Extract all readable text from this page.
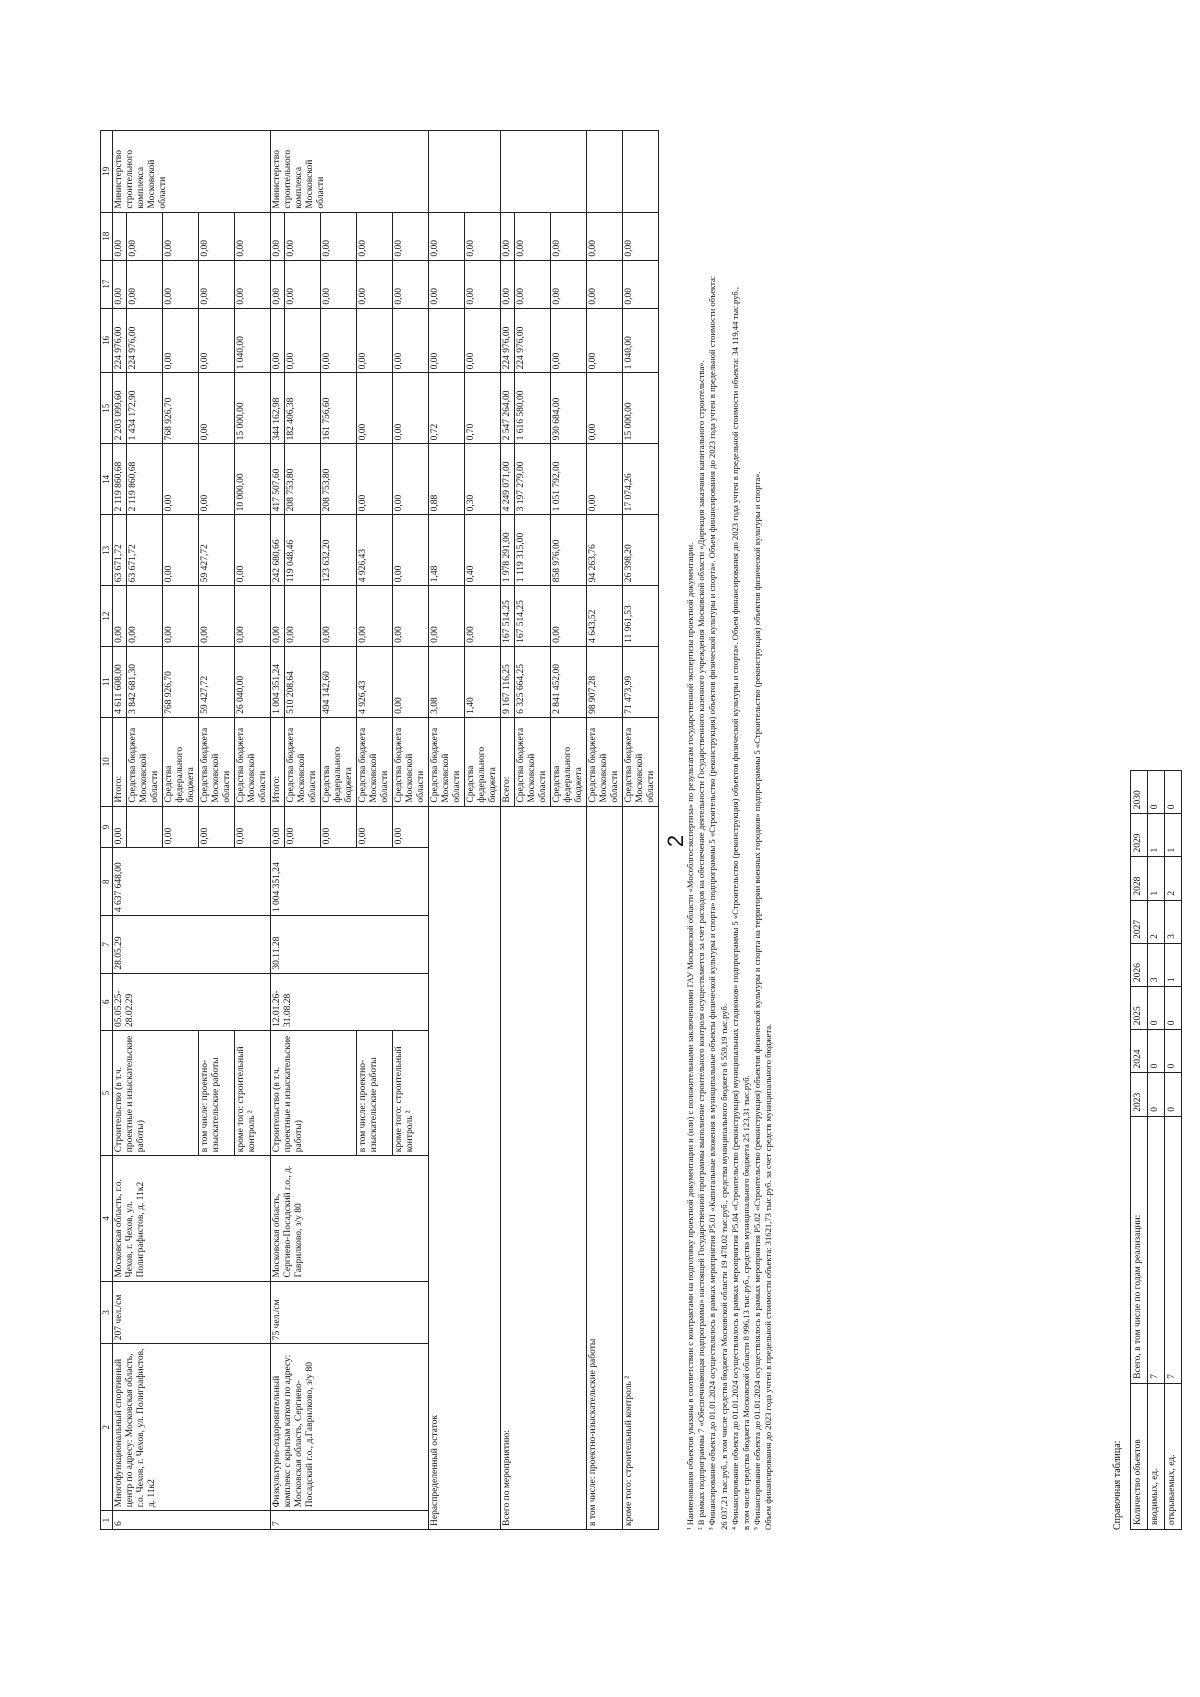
2
1	2	3	4	5	6	7	8	9	10	11	12	13	14	15	16	17	18	19
6	Многофункциональный спортивный центр по адресу: Московская область, г.о. Чехов, г. Чехов, ул. Полиграфистов, д. 11к2	207 чел./см	Московская область, г.о. Чехов, г. Чехов, ул. Полиграфистов, д. 11к2	Строительство (в т.ч. проектные и изыскательские работы)	05.05.25-28.02.29	28.05.29	4 637 648,00	0,00	Итого:	4 611 608,00	0,00	63 671,72	2 119 860,68	2 203 099,60	224 976,00	0,00	0,00	Министерство строительного комплекса Московской области
									Средства бюджета Московской области	3 842 681,30	0,00	63 671,72	2 119 860,68	1 434 172,90	224 976,00	0,00	0,00	
								0,00	Средства федерального бюджета	768 926,70	0,00	0,00	0,00	768 926,70	0,00	0,00	0,00	
				в том числе: проектно-изыскательские работы				0,00	Средства бюджета Московской области	59 427,72	0,00	59 427,72	0,00	0,00	0,00	0,00	0,00	
				кроме того: строительный контроль ²				0,00	Средства бюджета Московской области	26 040,00	0,00	0,00	10 000,00	15 000,00	1 040,00	0,00	0,00	
7	Физкультурно-оздоровительный комплекс с крытым катком по адресу: Московская область, Сергиево-Посадский г.о., д.Гаврилково, з/у 80	75 чел./см	Московская область, Сергиево-Посадский г.о., д. Гаврилково, з/у 80	Строительство (в т.ч. проектные и изыскательские работы)	12.01.26-31.08.28	30.11.28	1 004 351,24	0,00	Итого:	1 004 351,24	0,00	242 680,66	417 507,60	344 162,98	0,00	0,00	0,00	Министерство строительного комплекса Московской области
								0,00	Средства бюджета Московской области	510 208,64	0,00	119 048,46	208 753,80	182 406,38	0,00	0,00	0,00	
								0,00	Средства федерального бюджета	494 142,60	0,00	123 632,20	208 753,80	161 756,60	0,00	0,00	0,00	
				в том числе: проектно-изыскательские работы				0,00	Средства бюджета Московской области	4 926,43	0,00	4 926,43	0,00	0,00	0,00	0,00	0,00	
				кроме того: строительный контроль ²				0,00	Средства бюджета Московской области	0,00	0,00	0,00	0,00	0,00	0,00	0,00	0,00	
Нераспределенный остаток									Средства бюджета Московской области	3,08	0,00	1,48	0,88	0,72	0,00	0,00	0,00	
									Средства федерального бюджета	1,40	0,00	0,40	0,30	0,70	0,00	0,00	0,00	
Всего по мероприятию:									Всего:	9 167 116,25	167 514,25	1 978 291,00	4 249 071,00	2 547 264,00	224 976,00	0,00	0,00	
									Средства бюджета Московской области	6 325 664,25	167 514,25	1 119 315,00	3 197 279,00	1 616 580,00	224 976,00	0,00	0,00	
									Средства федерального бюджета	2 841 452,00	0,00	858 976,00	1 051 792,00	930 684,00	0,00	0,00	0,00	
в том числе: проектно-изыскательские работы									Средства бюджета Московской области	98 907,28	4 643,52	94 263,76	0,00	0,00	0,00	0,00	0,00	
кроме того: строительный контроль ²									Средства бюджета Московской области	71 473,99	11 961,53	26 398,20	17 074,26	15 000,00	1 040,00	0,00	0,00	
¹ Наименования объектов указаны в соответствии с контрактами на подготовку проектной документации и (или) с положительными заключениями ГАУ Московской области «Мособлгосэкспертиза» по результатам государственной экспертизы проектной документации. ² В рамках подпрограммы 7 «Обеспечивающая подпрограмма» настоящей Государственной программы выполнение строительного контроля осуществляется за счет расходов на обеспечение деятельности Государственного казенного учреждения Московской области «Дирекция заказчика капитального строительства». ³ Финансирование объекта до 01.01.2024 осуществлялось в рамках мероприятия Р5.01 «Капитальные вложения в муниципальные объекты физической культуры и спорта» подпрограммы 5 «Строительство (реконструкция) объектов физической культуры и спорта». Объем финансирования до 2023 года учтен в предельной стоимости объекта: 26 037,21 тыс.руб., в том числе средства бюджета Московской области 19 478,02 тыс.руб., средства муниципального бюджета 6 559,19 тыс.руб. ⁴ Финансирование объекта до 01.01.2024 осуществлялось в рамках мероприятия Р5.04 «Строительство (реконструкция) муниципальных стадионов» подпрограммы 5 «Строительство (реконструкция) объектов физической культуры и спорта». Объем финансирования до 2023 года учтен в предельной стоимости объекта: 34 119,44 тыс.руб., в том числе средства бюджета Московской области 8 996,13 тыс.руб., средства муниципального бюджета 25 123,31 тыс.руб. ⁵ Финансирование объекта до 01.01.2024 осуществлялось в рамках мероприятия Р5.02 «Строительство (реконструкция) объектов физической культуры и спорта на территории военных городков» подпрограммы 5 «Строительство (реконструкция) объектов физической культуры и спорта». Объем финансирования до 2023 года учтен в предельной стоимости объекта: 31621,73 тыс.руб. за счет средств муниципального бюджета.	Справочная таблица: Количество объектов	Всего, в том числе по годам реализации:	2023	2024	2025	2026	2027	2028	2029	2030
вводимых, ед.	7	0	0	0	3	2	1	1	0
открываемых, ед.	7	0	0	0	1	3	2	1	0
